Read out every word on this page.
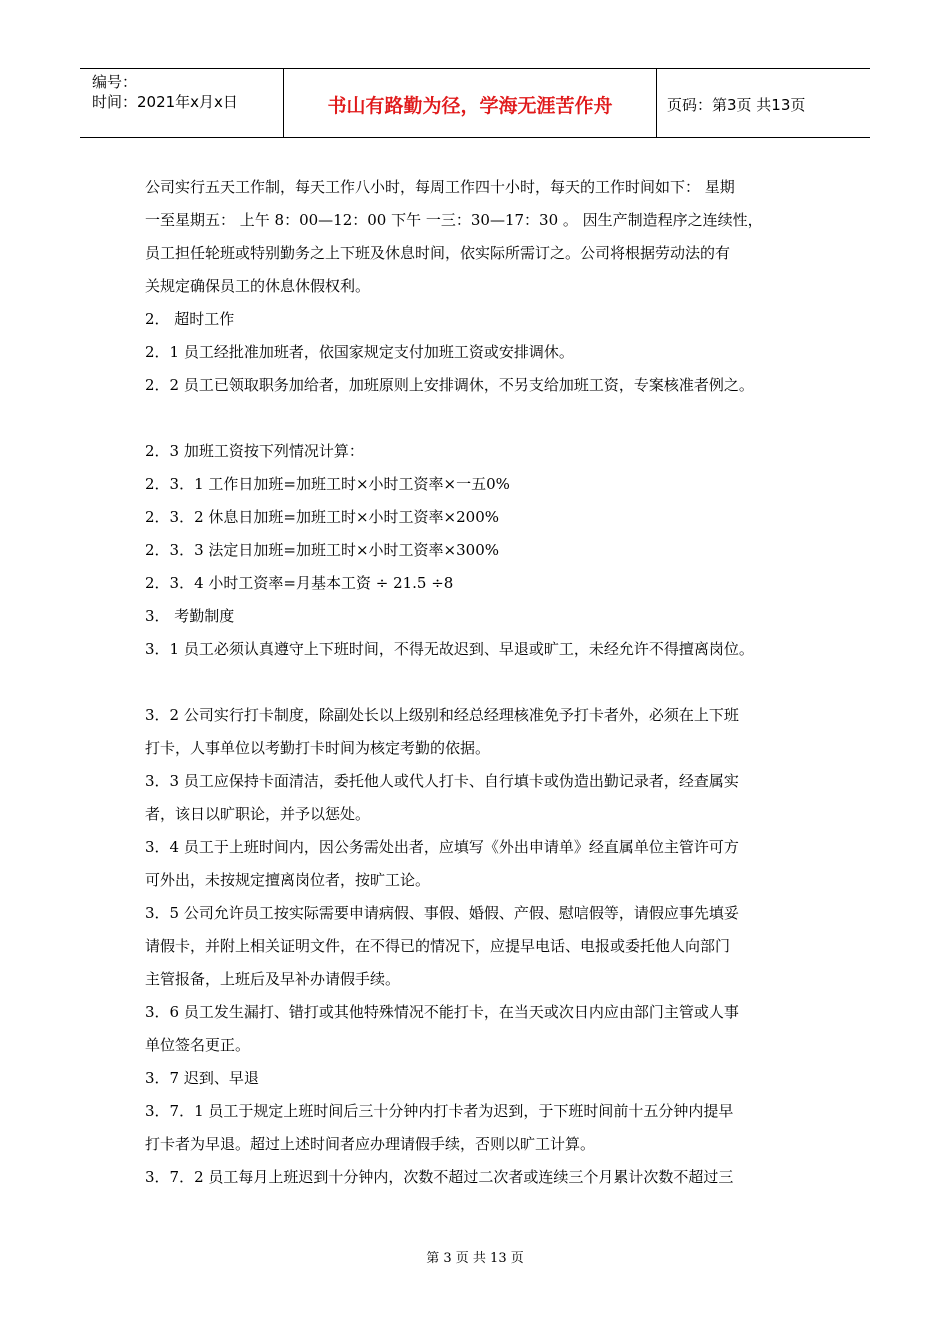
编号：
时间：2021年x月x日	书山有路勤为径，学海无涯苦作舟	页码：第3页 共13页

公司实行五天工作制，每天工作八小时，每周工作四十小时，每天的工作时间如下： 星期

一至星期五： 上午 8：00—12：00 下午 一三：30—17：30 。 因生产制造程序之连续性，

员工担任轮班或特别勤务之上下班及休息时间，依实际所需订之。公司将根据劳动法的有

关规定确保员工的休息休假权利。

2． 超时工作

2．1 员工经批准加班者，依国家规定支付加班工资或安排调休。

2．2 员工已领取职务加给者，加班原则上安排调休，不另支给加班工资，专案核准者例之。

2．3 加班工资按下列情况计算：

2．3．1 工作日加班=加班工时×小时工资率×一五0%

2．3．2 休息日加班=加班工时×小时工资率×200%

2．3．3 法定日加班=加班工时×小时工资率×300%

2．3．4 小时工资率=月基本工资 ÷ 21.5 ÷8

3． 考勤制度

3．1 员工必须认真遵守上下班时间，不得无故迟到、早退或旷工，未经允许不得擅离岗位。

3．2 公司实行打卡制度，除副处长以上级别和经总经理核准免予打卡者外，必须在上下班

打卡，人事单位以考勤打卡时间为核定考勤的依据。

3．3 员工应保持卡面清洁，委托他人或代人打卡、自行填卡或伪造出勤记录者，经查属实

者，该日以旷职论，并予以惩处。

3．4 员工于上班时间内，因公务需处出者，应填写《外出申请单》经直属单位主管许可方

可外出，未按规定擅离岗位者，按旷工论。

3．5 公司允许员工按实际需要申请病假、事假、婚假、产假、慰唁假等，请假应事先填妥

请假卡，并附上相关证明文件，在不得已的情况下，应提早电话、电报或委托他人向部门

主管报备，上班后及早补办请假手续。

3．6 员工发生漏打、错打或其他特殊情况不能打卡，在当天或次日内应由部门主管或人事

单位签名更正。

3．7 迟到、早退

3．7．1 员工于规定上班时间后三十分钟内打卡者为迟到，于下班时间前十五分钟内提早

打卡者为早退。超过上述时间者应办理请假手续，否则以旷工计算。

3．7．2 员工每月上班迟到十分钟内，次数不超过二次者或连续三个月累计次数不超过三

第 3 页 共 13 页
